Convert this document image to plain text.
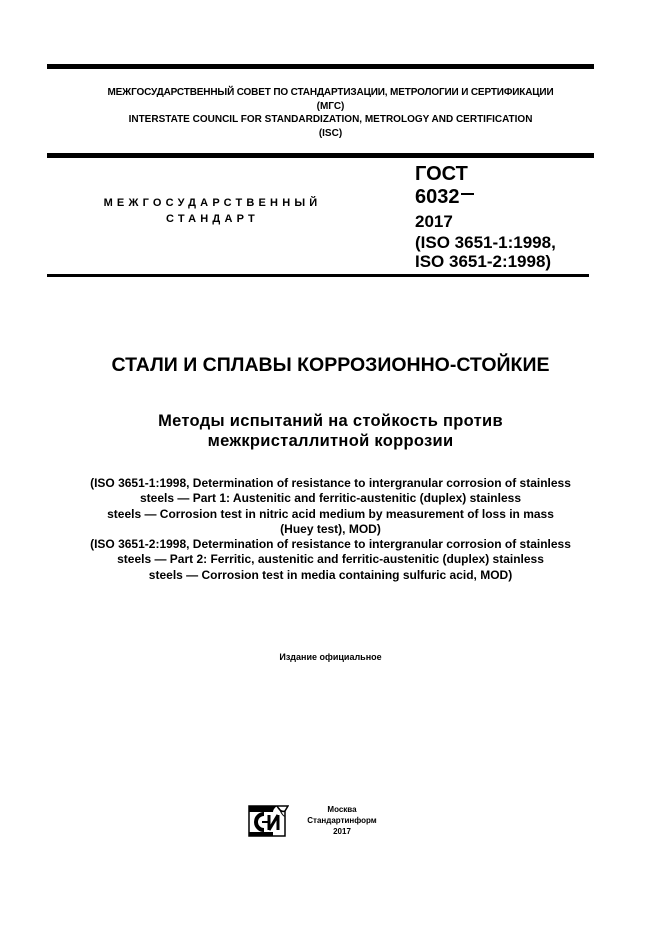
МЕЖГОСУДАРСТВЕННЫЙ СОВЕТ ПО СТАНДАРТИЗАЦИИ, МЕТРОЛОГИИ И СЕРТИФИКАЦИИ
(МГС)
INTERSTATE COUNCIL FOR STANDARDIZATION, METROLOGY AND CERTIFICATION
(ISC)
МЕЖГОСУДАРСТВЕННЫЙ
СТАНДАРТ
ГОСТ
6032
2017
(ISO 3651-1:1998,
ISO 3651-2:1998)
СТАЛИ И СПЛАВЫ КОРРОЗИОННО-СТОЙКИЕ
Методы испытаний на стойкость против
межкристаллитной коррозии

(ISO 3651-1:1998, Determination of resistance to intergranular corrosion of stainless

steels — Part 1: Austenitic and ferritic-austenitic (duplex) stainless

steels — Corrosion test in nitric acid medium by measurement of loss in mass

(Huey test), MOD)

(ISO 3651-2:1998, Determination of resistance to intergranular corrosion of stainless

steels — Part 2: Ferritic, austenitic and ferritic-austenitic (duplex) stainless

steels — Corrosion test in media containing sulfuric acid, MOD)

Издание официальное
Москва
Стандартинформ
2017
